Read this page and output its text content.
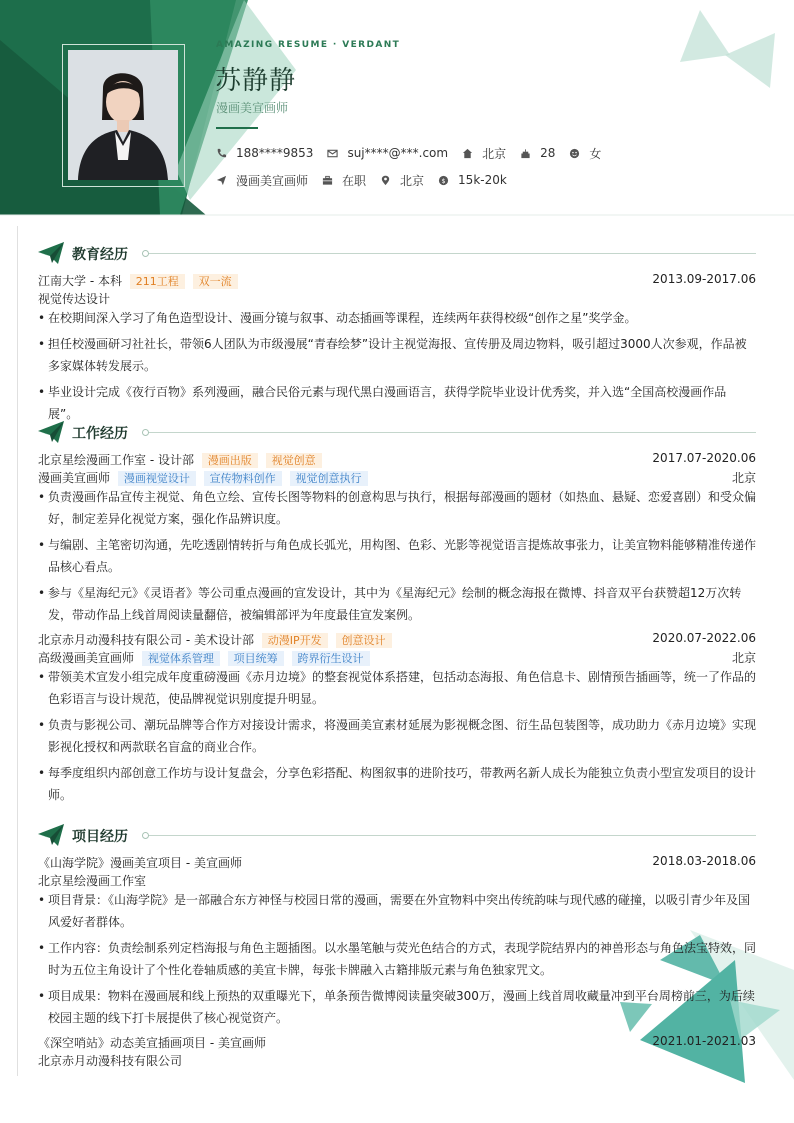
AMAZING RESUME · VERDANT
苏静静
漫画美宣画师
188****9853	suj****@***.com	北京	28	女
漫画美宣画师	在职	北京 $ 15k-20k
教育经历
江南大学 - 本科 211工程 双一流	2013.09-2017.06
视觉传达设计
• 在校期间深入学习了角色造型设计、漫画分镜与叙事、动态插画等课程，连续两年获得校级“创作之星”奖学金。
• 担任校漫画研习社社长，带领6人团队为市级漫展“青春绘梦”设计主视觉海报、宣传册及周边物料，吸引超过3000人次参观，作品被多家媒体转发展示。
• 毕业设计完成《夜行百物》系列漫画，融合民俗元素与现代黑白漫画语言，获得学院毕业设计优秀奖，并入选“全国高校漫画作品展”。
工作经历
北京星绘漫画工作室 - 设计部 漫画出版 视觉创意	2017.07-2020.06
漫画美宣画师 漫画视觉设计 宣传物料创作 视觉创意执行	北京
• 负责漫画作品宣传主视觉、角色立绘、宣传长图等物料的创意构思与执行，根据每部漫画的题材（如热血、悬疑、恋爱喜剧）和受众偏好，制定差异化视觉方案，强化作品辨识度。
• 与编剧、主笔密切沟通，先吃透剧情转折与角色成长弧光，用构图、色彩、光影等视觉语言提炼故事张力，让美宣物料能够精准传递作品核心看点。
• 参与《星海纪元》《灵语者》等公司重点漫画的宣发设计，其中为《星海纪元》绘制的概念海报在微博、抖音双平台获赞超12万次转发，带动作品上线首周阅读量翻倍，被编辑部评为年度最佳宣发案例。
北京赤月动漫科技有限公司 - 美术设计部 动漫IP开发 创意设计	2020.07-2022.06
高级漫画美宣画师 视觉体系管理 项目统筹 跨界衍生设计	北京
• 带领美术宣发小组完成年度重磅漫画《赤月边境》的整套视觉体系搭建，包括动态海报、角色信息卡、剧情预告插画等，统一了作品的色彩语言与设计规范，使品牌视觉识别度提升明显。
• 负责与影视公司、潮玩品牌等合作方对接设计需求，将漫画美宣素材延展为影视概念图、衍生品包装图等，成功助力《赤月边境》实现影视化授权和两款联名盲盒的商业合作。
• 每季度组织内部创意工作坊与设计复盘会，分享色彩搭配、构图叙事的进阶技巧，带教两名新人成长为能独立负责小型宣发项目的设计师。
项目经历
《山海学院》漫画美宣项目 - 美宣画师	2018.03-2018.06
北京星绘漫画工作室
• 项目背景：《山海学院》是一部融合东方神怪与校园日常的漫画，需要在外宣物料中突出传统韵味与现代感的碰撞，以吸引青少年及国风爱好者群体。
• 工作内容：负责绘制系列定档海报与角色主题插图。以水墨笔触与荧光色结合的方式，表现学院结界内的神兽形态与角色法宝特效，同时为五位主角设计了个性化卷轴质感的美宣卡牌，每张卡牌融入古籍排版元素与角色独家咒文。
• 项目成果：物料在漫画展和线上预热的双重曝光下，单条预告微博阅读量突破300万，漫画上线首周收藏量冲到平台周榜前三，为后续校园主题的线下打卡展提供了核心视觉资产。
《深空哨站》动态美宣插画项目 - 美宣画师	2021.01-2021.03
北京赤月动漫科技有限公司
